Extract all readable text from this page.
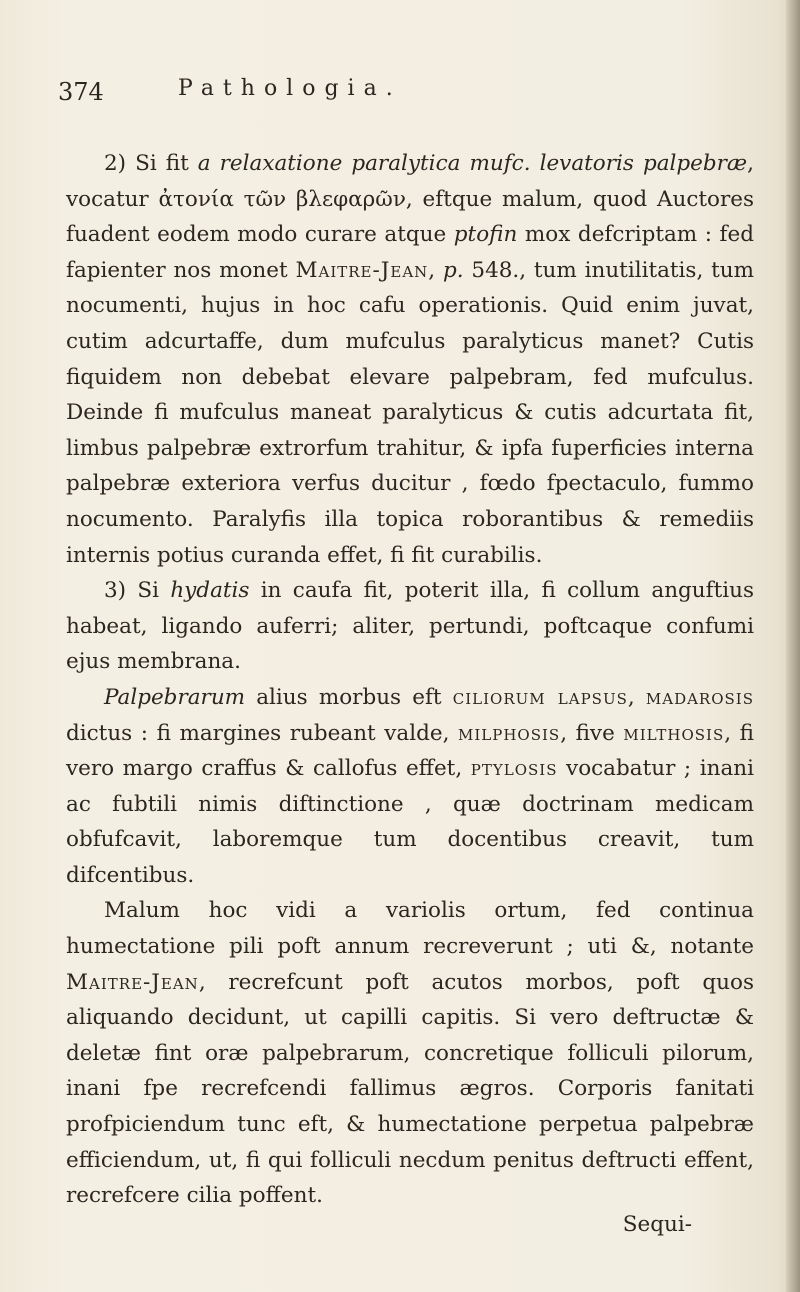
374	Pathologia.

2) Si fit a relaxatione paralytica mufc. levatoris palpebræ, vocatur ἀτονία τῶν βλεφαρῶν, eftque malum, quod Auctores fuadent eodem modo curare atque ptofin mox defcriptam : fed fapienter nos monet Maitre-Jean, p. 548., tum inutilitatis, tum nocumenti, hujus in hoc cafu operationis. Quid enim juvat, cutim adcurtaffe, dum mufculus paralyticus manet? Cutis fiquidem non debebat elevare palpebram, fed mufculus. Deinde fi mufculus maneat paralyticus & cutis adcurtata fit, limbus palpebræ extrorfum trahitur, & ipfa fuperficies interna palpebræ exteriora verfus ducitur , fœdo fpectaculo, fummo nocumento. Paralyfis illa topica roborantibus & remediis internis potius curanda effet, fi fit curabilis.

3) Si hydatis in caufa fit, poterit illa, fi collum anguftius habeat, ligando auferri; aliter, pertundi, poftcaque confumi ejus membrana.

Palpebrarum alius morbus eft ciliorum lapsus, madarosis dictus : fi margines rubeant valde, milphosis, five milthosis, fi vero margo craffus & callofus effet, ptylosis vocabatur ; inani ac fubtili nimis diftinctione , quæ doctrinam medicam obfufcavit, laboremque tum docentibus creavit, tum difcentibus.

Malum hoc vidi a variolis ortum, fed continua humectatione pili poft annum recreverunt ; uti &, notante Maitre-Jean, recrefcunt poft acutos morbos, poft quos aliquando decidunt, ut capilli capitis. Si vero deftructæ & deletæ fint oræ palpebrarum, concretique folliculi pilorum, inani fpe recrefcendi fallimus ægros. Corporis fanitati profpiciendum tunc eft, & humectatione perpetua palpebræ efficiendum, ut, fi qui folliculi necdum penitus deftructi effent, recrefcere cilia poffent.

Sequi-
